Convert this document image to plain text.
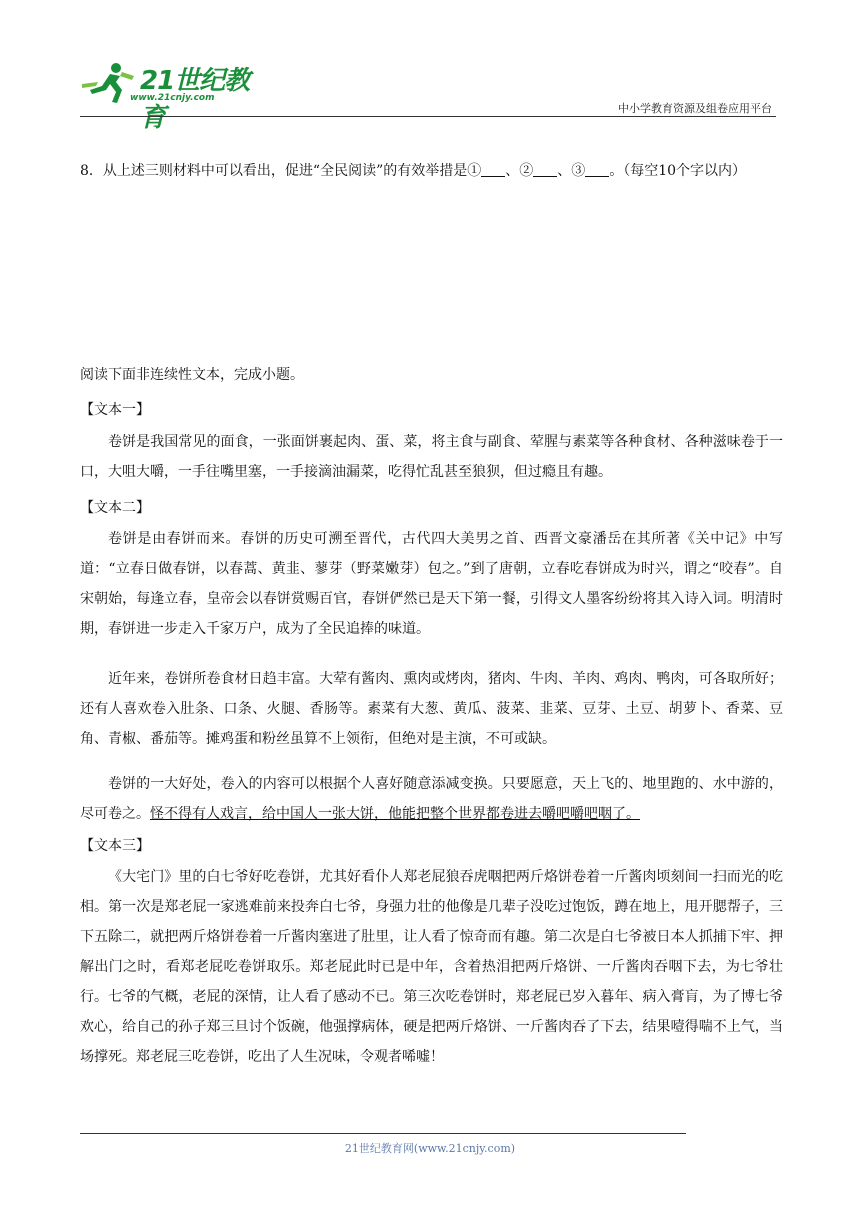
21世纪教育
www.21cnjy.com
中小学教育资源及组卷应用平台
8．从上述三则材料中可以看出，促进“全民阅读”的有效举措是① 、② 、③ 。（每空10个字以内）
阅读下面非连续性文本，完成小题。
【文本一】

卷饼是我国常见的面食，一张面饼裹起肉、蛋、菜，将主食与副食、荤腥与素菜等各种食材、各种滋味卷于一口，大咀大嚼，一手往嘴里塞，一手接滴油漏菜，吃得忙乱甚至狼狈，但过瘾且有趣。

【文本二】

卷饼是由春饼而来。春饼的历史可溯至晋代，古代四大美男之首、西晋文豪潘岳在其所著《关中记》中写道：“立春日做春饼，以春蒿、黄韭、蓼芽（野菜嫩芽）包之。”到了唐朝，立春吃春饼成为时兴，谓之“咬春”。自宋朝始，每逢立春，皇帝会以春饼赏赐百官，春饼俨然已是天下第一餐，引得文人墨客纷纷将其入诗入词。明清时期，春饼进一步走入千家万户，成为了全民追捧的味道。

近年来，卷饼所卷食材日趋丰富。大荤有酱肉、熏肉或烤肉，猪肉、牛肉、羊肉、鸡肉、鸭肉，可各取所好；还有人喜欢卷入肚条、口条、火腿、香肠等。素菜有大葱、黄瓜、菠菜、韭菜、豆芽、土豆、胡萝卜、香菜、豆角、青椒、番茄等。摊鸡蛋和粉丝虽算不上领衔，但绝对是主演，不可或缺。

卷饼的一大好处，卷入的内容可以根据个人喜好随意添减变换。只要愿意，天上飞的、地里跑的、水中游的，尽可卷之。怪不得有人戏言，给中国人一张大饼，他能把整个世界都卷进去嚼吧嚼吧咽了。

【文本三】

《大宅门》里的白七爷好吃卷饼，尤其好看仆人郑老屁狼吞虎咽把两斤烙饼卷着一斤酱肉顷刻间一扫而光的吃相。第一次是郑老屁一家逃难前来投奔白七爷，身强力壮的他像是几辈子没吃过饱饭，蹲在地上，甩开腮帮子，三下五除二，就把两斤烙饼卷着一斤酱肉塞进了肚里，让人看了惊奇而有趣。第二次是白七爷被日本人抓捕下牢、押解出门之时，看郑老屁吃卷饼取乐。郑老屁此时已是中年，含着热泪把两斤烙饼、一斤酱肉吞咽下去，为七爷壮行。七爷的气概，老屁的深情，让人看了感动不已。第三次吃卷饼时，郑老屁已岁入暮年、病入膏肓，为了博七爷欢心，给自己的孙子郑三旦讨个饭碗，他强撑病体，硬是把两斤烙饼、一斤酱肉吞了下去，结果噎得喘不上气，当场撑死。郑老屁三吃卷饼，吃出了人生况味，令观者唏嘘！

21世纪教育网(www.21cnjy.com)
